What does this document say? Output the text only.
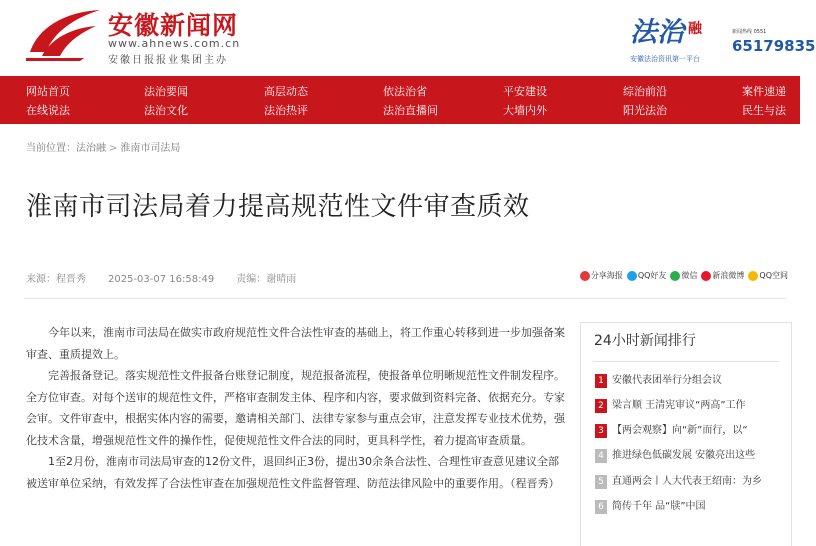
安徽新闻网
www.ahnews.com.cn
安徽日报报业集团主办
法治 融
安徽法治资讯第一平台
新闻热线 0551
65179835
网站首页	法治要闻	高层动态	依法治省	平安建设	综治前沿	案件速递
在线说法	法治文化	法治热评	法治直播间	大墙内外	阳光法治	民生与法
当前位置：法治融 > 淮南市司法局
淮南市司法局着力提高规范性文件审查质效
来源：程晋秀 2025-03-07 16:58:49 责编：谢晴雨	分享海报 QQ好友 微信 新浪微博 QQ空间

今年以来，淮南市司法局在做实市政府规范性文件合法性审查的基础上，将工作重心转移到进一步加强备案审查、重质提效上。

完善报备登记。落实规范性文件报备台账登记制度，规范报备流程，使报备单位明晰规范性文件制发程序。全方位审查。对每个送审的规范性文件，严格审查制发主体、程序和内容，要求做到资料完备、依据充分。专家会审。文件审查中，根据实体内容的需要，邀请相关部门、法律专家参与重点会审，注意发挥专业技术优势，强化技术含量，增强规范性文件的操作性，促使规范性文件合法的同时，更具科学性，着力提高审查质量。

1至2月份，淮南市司法局审查的12份文件，退回纠正3份，提出30余条合法性、合理性审查意见建议全部被送审单位采纳，有效发挥了合法性审查在加强规范性文件监督管理、防范法律风险中的重要作用。（程晋秀）

24小时新闻排行
1 安徽代表团举行分组会议
2 梁言顺 王清宪审议“两高”工作
3 【两会观察】向“新”而行，以“
4 推进绿色低碳发展 安徽亮出这些
5 直通两会丨人大代表王绍南：为乡
6 简传千年 品“牍”中国
